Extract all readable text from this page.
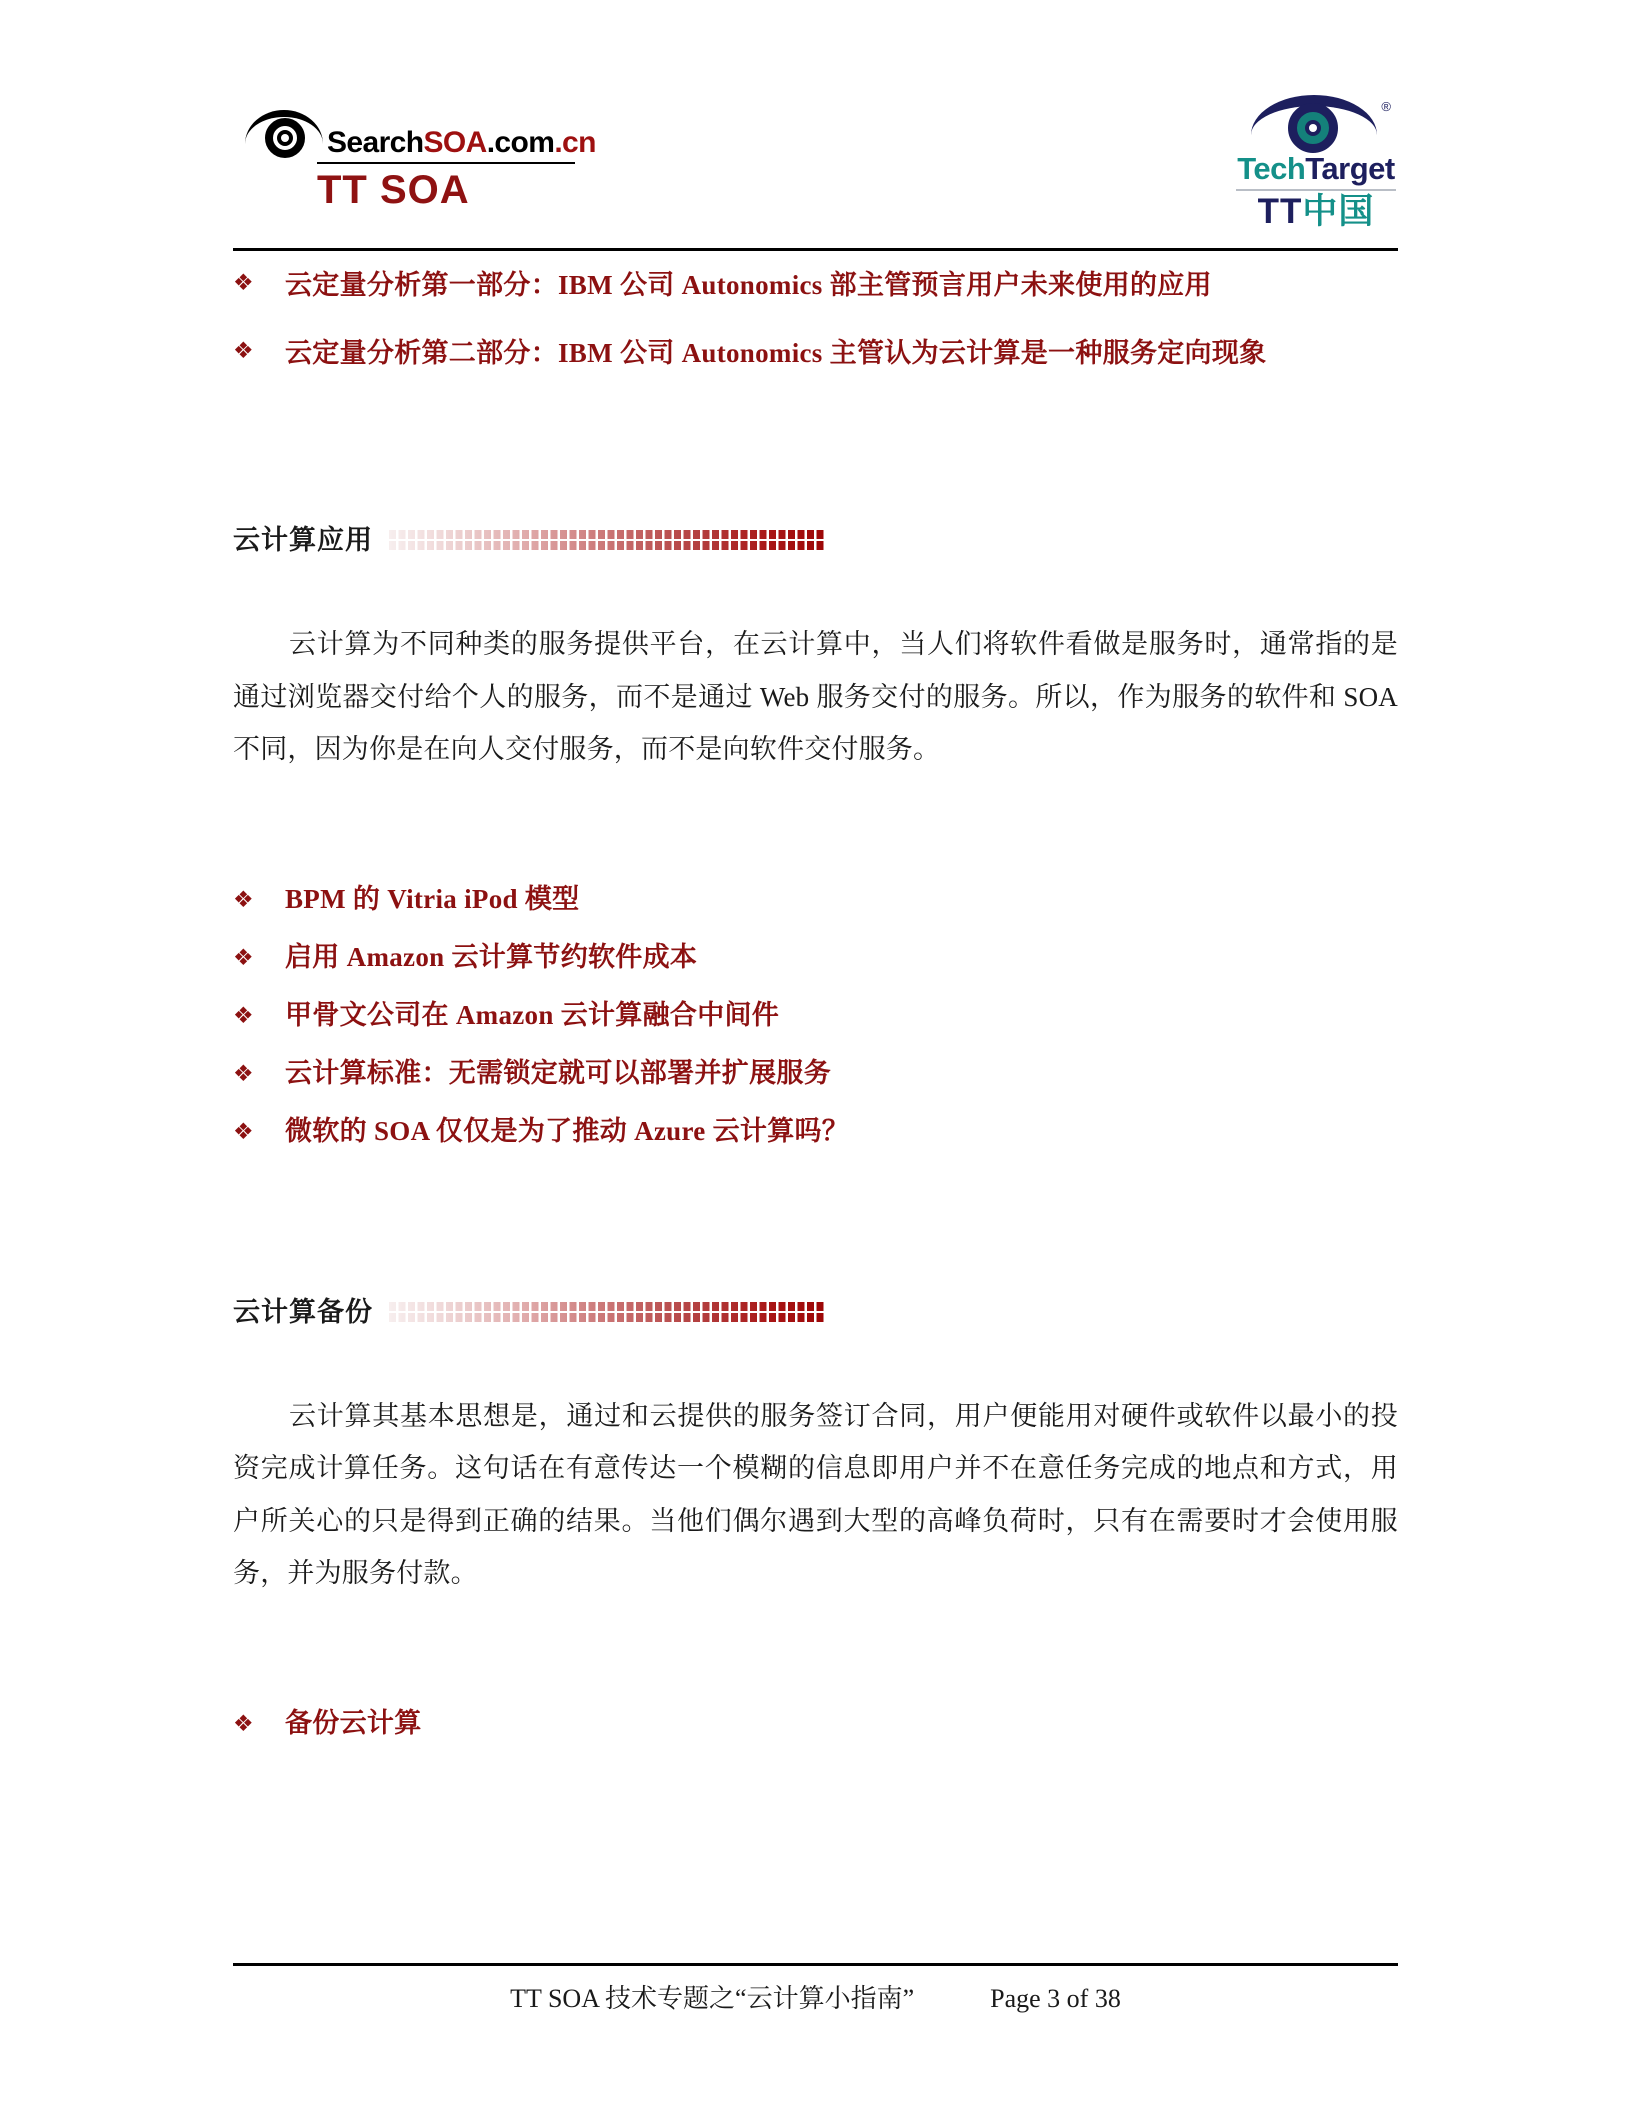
SearchSOA.com.cn
TT SOA
®
TechTarget
TT中国
❖	云定量分析第一部分：IBM 公司 Autonomics 部主管预言用户未来使用的应用
❖	云定量分析第二部分：IBM 公司 Autonomics 主管认为云计算是一种服务定向现象
云计算应用

云计算为不同种类的服务提供平台，在云计算中，当人们将软件看做是服务时，通常指的是通过浏览器交付给个人的服务，而不是通过 Web 服务交付的服务。所以，作为服务的软件和 SOA 不同，因为你是在向人交付服务，而不是向软件交付服务。

❖	BPM 的 Vitria iPod 模型
❖	启用 Amazon 云计算节约软件成本
❖	甲骨文公司在 Amazon 云计算融合中间件
❖	云计算标准：无需锁定就可以部署并扩展服务
❖	微软的 SOA 仅仅是为了推动 Azure 云计算吗？
云计算备份

云计算其基本思想是，通过和云提供的服务签订合同，用户便能用对硬件或软件以最小的投资完成计算任务。这句话在有意传达一个模糊的信息即用户并不在意任务完成的地点和方式，用户所关心的只是得到正确的结果。当他们偶尔遇到大型的高峰负荷时，只有在需要时才会使用服务，并为服务付款。

❖	备份云计算
TT SOA 技术专题之“云计算小指南”	Page 3 of 38
